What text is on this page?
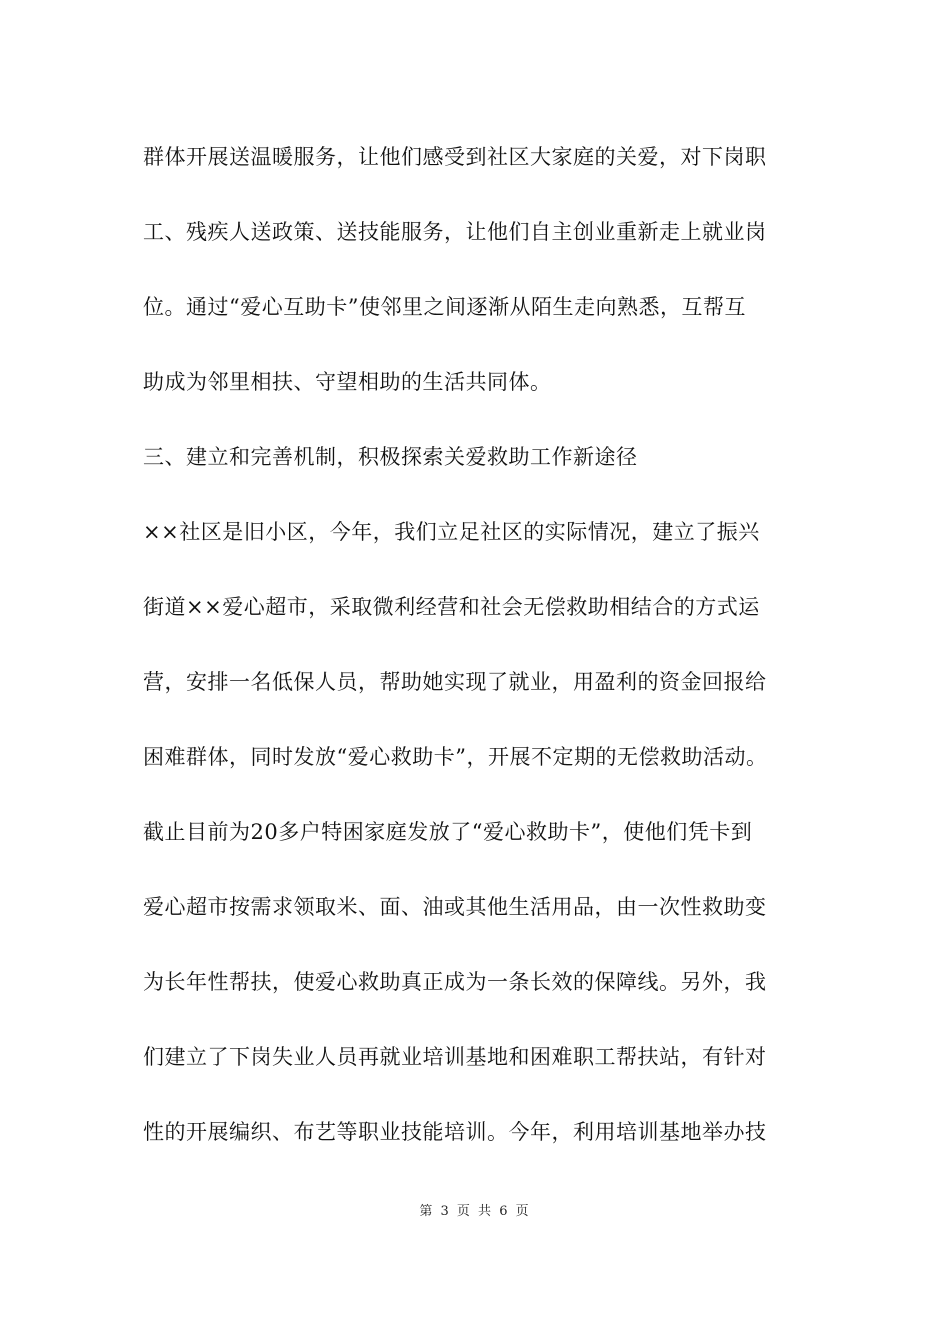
群体开展送温暖服务，让他们感受到社区大家庭的关爱，对下岗职
工、残疾人送政策、送技能服务，让他们自主创业重新走上就业岗
位。通过“爱心互助卡”使邻里之间逐渐从陌生走向熟悉，互帮互
助成为邻里相扶、守望相助的生活共同体。
三、建立和完善机制，积极探索关爱救助工作新途径
××社区是旧小区，今年，我们立足社区的实际情况，建立了振兴
街道××爱心超市，采取微利经营和社会无偿救助相结合的方式运
营，安排一名低保人员，帮助她实现了就业，用盈利的资金回报给
困难群体，同时发放“爱心救助卡”，开展不定期的无偿救助活动。
截止目前为20多户特困家庭发放了“爱心救助卡”，使他们凭卡到
爱心超市按需求领取米、面、油或其他生活用品，由一次性救助变
为长年性帮扶，使爱心救助真正成为一条长效的保障线。另外，我
们建立了下岗失业人员再就业培训基地和困难职工帮扶站，有针对
性的开展编织、布艺等职业技能培训。今年，利用培训基地举办技
第 3 页 共 6 页
